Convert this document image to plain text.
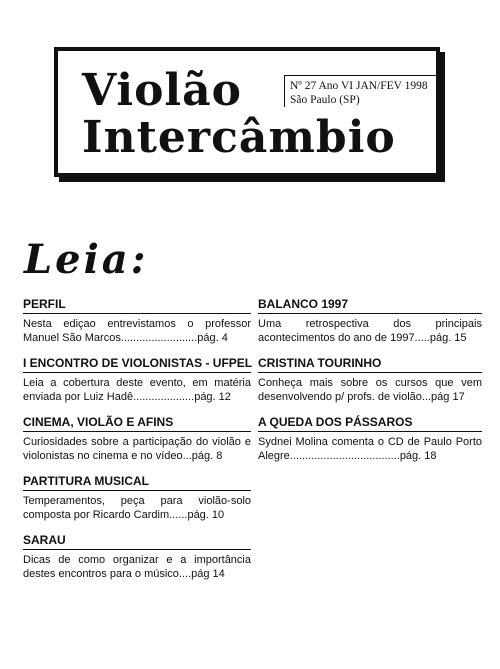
Violão
Intercâmbio
Nº 27 Ano VI JAN/FEV 1998
São Paulo (SP)
Leia:
PERFIL

Nesta ediçao entrevistamos o professor Manuel São Marcos.........................pág. 4

I ENCONTRO DE VIOLONISTAS - UFPEL

Leia a cobertura deste evento, em matéria enviada por Luiz Hadê....................pág. 12

CINEMA, VIOLÃO E AFINS

Curiosidades sobre a participação do violão e violonistas no cinema e no vídeo...pág. 8

PARTITURA MUSICAL

Temperamentos, peça para violão-solo composta por Ricardo Cardim......pág. 10

SARAU

Dicas de como organizar e a importância destes encontros para o músico....pág 14

BALANCO 1997

Uma retrospectiva dos principais acontecimentos do ano de 1997.....pág. 15

CRISTINA TOURINHO

Conheça mais sobre os cursos que vem desenvolvendo p/ profs. de violão...pág 17

A QUEDA DOS PÁSSAROS

Sydnei Molina comenta o CD de Paulo Porto Alegre....................................pág. 18
